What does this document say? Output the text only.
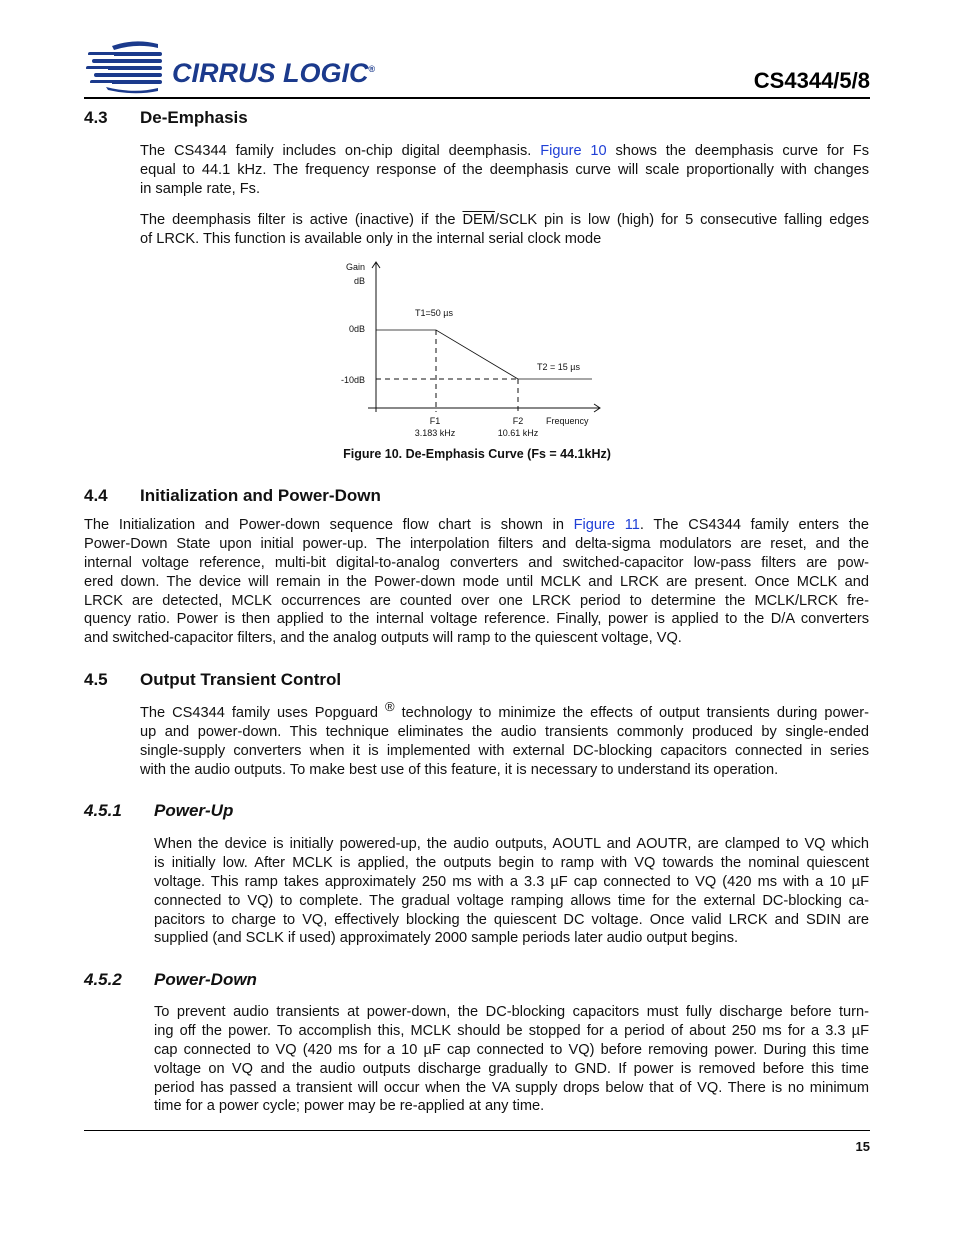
CIRRUS LOGIC®	CS4344/5/8
4.3 De-Emphasis
The CS4344 family includes on-chip digital deemphasis. Figure 10 shows the deemphasis curve for Fs
equal to 44.1 kHz. The frequency response of the deemphasis curve will scale proportionally with changes
in sample rate, Fs.
The deemphasis filter is active (inactive) if the $\overline{DEM}$/SCLK pin is low (high) for 5 consecutive falling edges
of LRCK. This function is available only in the internal serial clock mode
Gain
dB
0dB
-10dB
T1=50 µs
T2 = 15 µs
F1
3.183 kHz
F2
10.61 kHz
Frequency
Figure 10. De-Emphasis Curve (Fs = 44.1kHz)
4.4 Initialization and Power-Down
The Initialization and Power-down sequence flow chart is shown in Figure 11. The CS4344 family enters the
Power-Down State upon initial power-up. The interpolation filters and delta-sigma modulators are reset, and the
internal voltage reference, multi-bit digital-to-analog converters and switched-capacitor low-pass filters are pow-
ered down. The device will remain in the Power-down mode until MCLK and LRCK are present. Once MCLK and
LRCK are detected, MCLK occurrences are counted over one LRCK period to determine the MCLK/LRCK fre-
quency ratio. Power is then applied to the internal voltage reference. Finally, power is applied to the D/A converters
and switched-capacitor filters, and the analog outputs will ramp to the quiescent voltage, VQ.
4.5 Output Transient Control
The CS4344 family uses Popguard ® technology to minimize the effects of output transients during power-
up and power-down. This technique eliminates the audio transients commonly produced by single-ended
single-supply converters when it is implemented with external DC-blocking capacitors connected in series
with the audio outputs. To make best use of this feature, it is necessary to understand its operation.
4.5.1 Power-Up
When the device is initially powered-up, the audio outputs, AOUTL and AOUTR, are clamped to VQ which
is initially low. After MCLK is applied, the outputs begin to ramp with VQ towards the nominal quiescent
voltage. This ramp takes approximately 250 ms with a 3.3 µF cap connected to VQ (420 ms with a 10 µF
connected to VQ) to complete. The gradual voltage ramping allows time for the external DC-blocking ca-
pacitors to charge to VQ, effectively blocking the quiescent DC voltage. Once valid LRCK and SDIN are
supplied (and SCLK if used) approximately 2000 sample periods later audio output begins.
4.5.2 Power-Down
To prevent audio transients at power-down, the DC-blocking capacitors must fully discharge before turn-
ing off the power. To accomplish this, MCLK should be stopped for a period of about 250 ms for a 3.3 µF
cap connected to VQ (420 ms for a 10 µF cap connected to VQ) before removing power. During this time
voltage on VQ and the audio outputs discharge gradually to GND. If power is removed before this time
period has passed a transient will occur when the VA supply drops below that of VQ. There is no minimum
time for a power cycle; power may be re-applied at any time.
15
